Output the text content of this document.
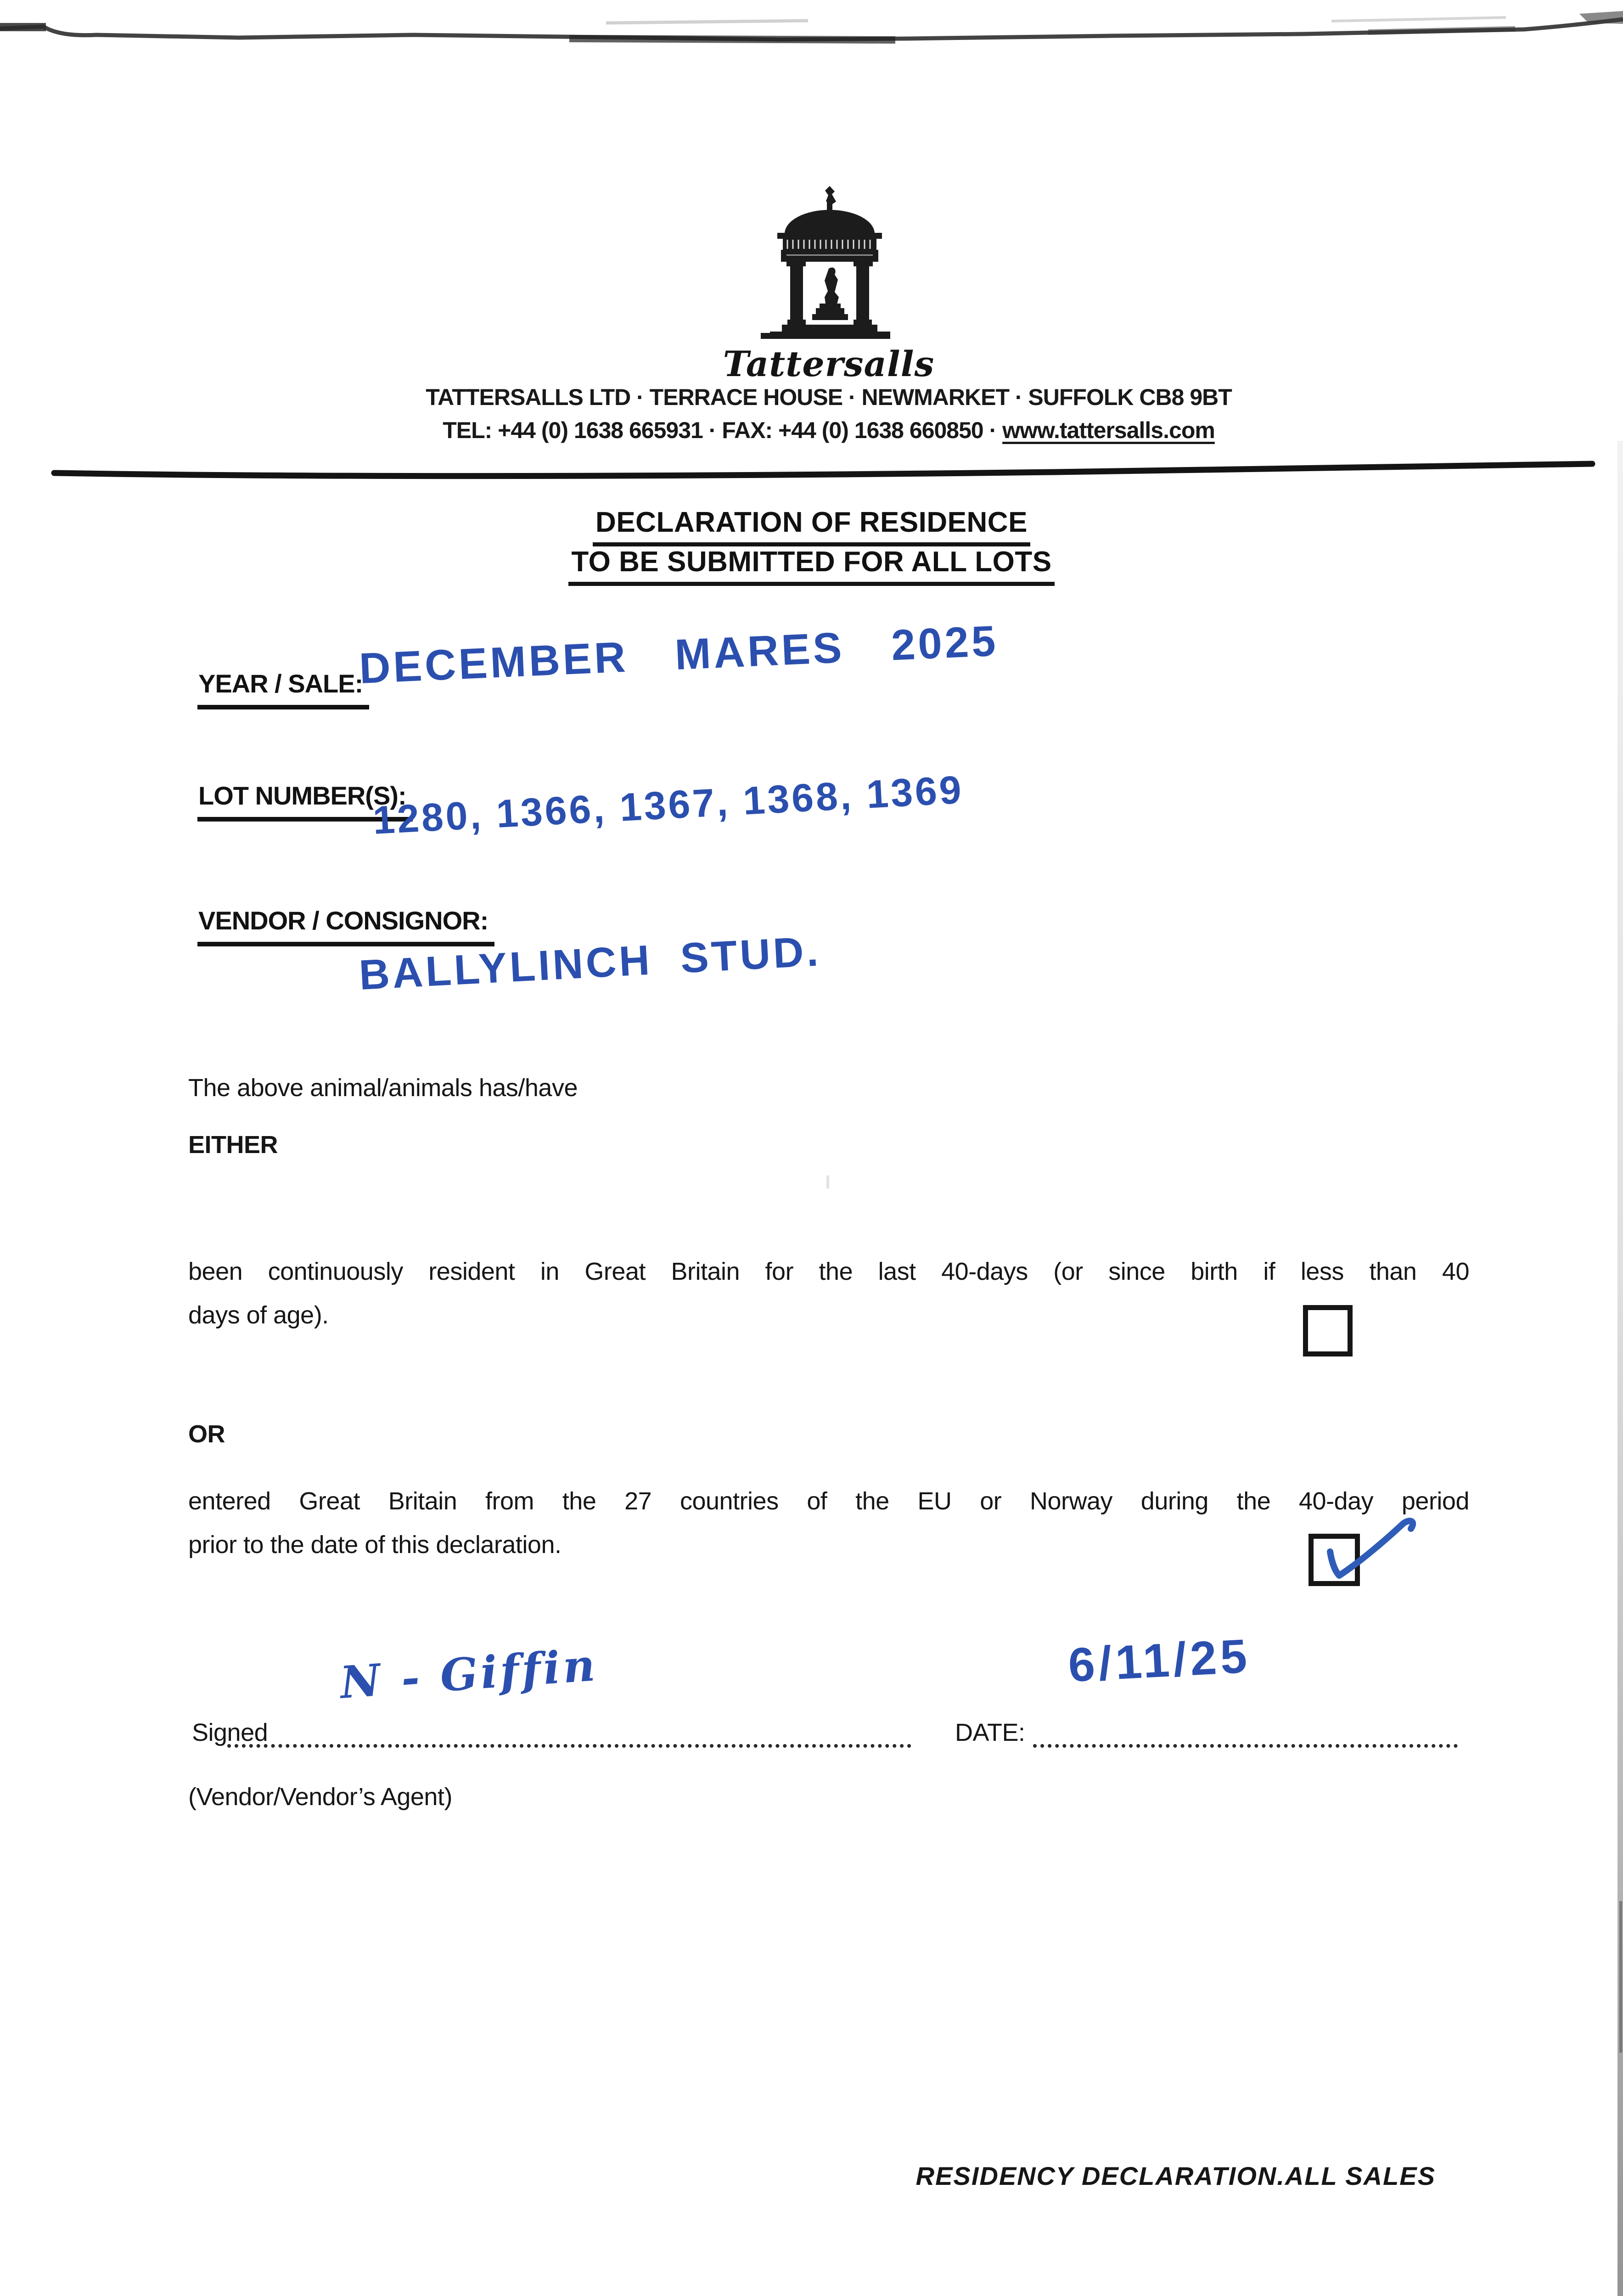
Tattersalls
TATTERSALLS LTD · TERRACE HOUSE · NEWMARKET · SUFFOLK CB8 9BT
TEL: +44 (0) 1638 665931 · FAX: +44 (0) 1638 660850 · www.tattersalls.com
DECLARATION OF RESIDENCE
TO BE SUBMITTED FOR ALL LOTS
YEAR / SALE:
DECEMBER MARES 2025
LOT NUMBER(S):
1280, 1366, 1367, 1368, 1369
VENDOR / CONSIGNOR:
BALLYLINCH STUD.
The above animal/animals has/have
EITHER
been continuously resident in Great Britain for the last 40-days (or since birth if less than 40
days of age).
OR
entered Great Britain from the 27 countries of the EU or Norway during the 40-day period
prior to the date of this declaration.
Signed
N - Giffin
DATE:
6/11/25
(Vendor/Vendor’s Agent)
RESIDENCY DECLARATION.ALL SALES
